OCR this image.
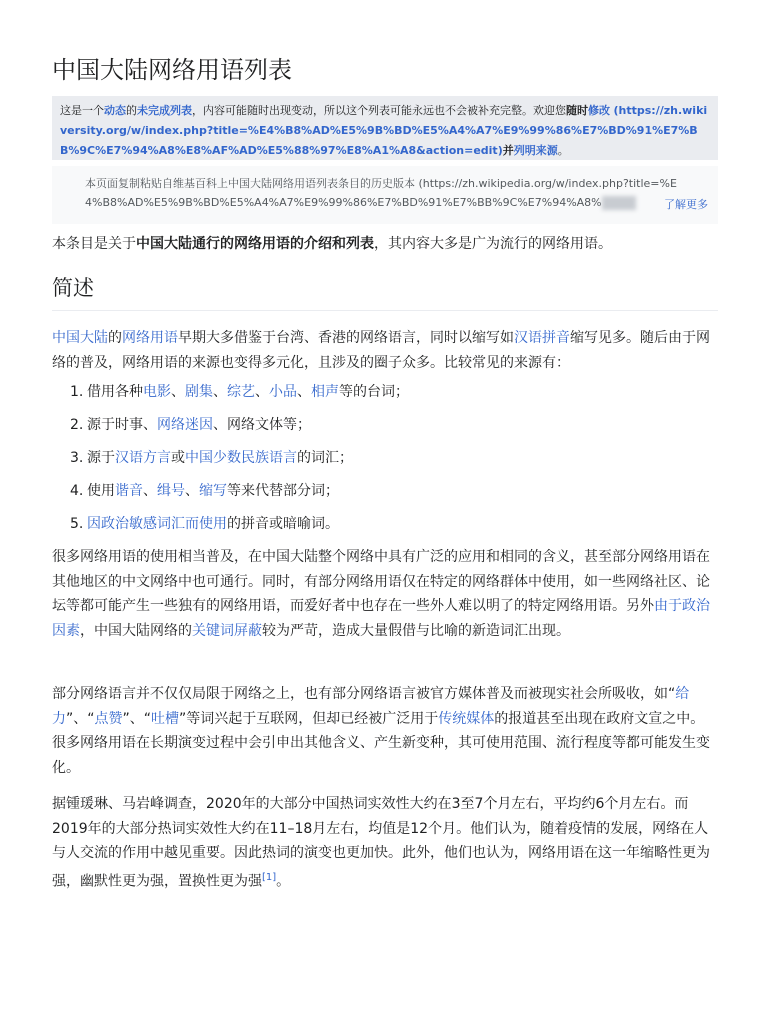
中国大陆网络用语列表
这是一个动态的未完成列表，内容可能随时出现变动，所以这个列表可能永远也不会被补充完整。欢迎您随时修改 (https://zh.wikiversity.org/w/index.php?title=%E4%B8%AD%E5%9B%BD%E5%A4%A7%E9%99%86%E7%BD%91%E7%BB%9C%E7%94%A8%E8%AF%AD%E5%88%97%E8%A1%A8&action=edit)并列明来源。
本页面复制粘贴自维基百科上中国大陆网络用语列表条目的历史版本 (https://zh.wikipedia.org/w/index.php?title=%E4%B8%AD%E5%9B%BD%E5%A4%A7%E9%99%86%E7%BD%91%E7%BB%9C%E7%94%A8%	了解更多
本条目是关于中国大陆通行的网络用语的介绍和列表，其内容大多是广为流行的网络用语。
简述
中国大陆的网络用语早期大多借鉴于台湾、香港的网络语言，同时以缩写如汉语拼音缩写见多。随后由于网络的普及，网络用语的来源也变得多元化，且涉及的圈子众多。比较常见的来源有：
1. 借用各种电影、剧集、综艺、小品、相声等的台词；
2. 源于时事、网络迷因、网络文体等；
3. 源于汉语方言或中国少数民族语言的词汇；
4. 使用谐音、缉号、缩写等来代替部分词；
5. 因政治敏感词汇而使用的拼音或暗喻词。
很多网络用语的使用相当普及，在中国大陆整个网络中具有广泛的应用和相同的含义，甚至部分网络用语在其他地区的中文网络中也可通行。同时，有部分网络用语仅在特定的网络群体中使用，如一些网络社区、论坛等都可能产生一些独有的网络用语，而爱好者中也存在一些外人难以明了的特定网络用语。另外由于政治因素，中国大陆网络的关键词屏蔽较为严苛，造成大量假借与比喻的新造词汇出现。
部分网络语言并不仅仅局限于网络之上，也有部分网络语言被官方媒体普及而被现实社会所吸收，如“给力”、“点赞”、“吐槽”等词兴起于互联网，但却已经被广泛用于传统媒体的报道甚至出现在政府文宣之中。很多网络用语在长期演变过程中会引申出其他含义、产生新变种，其可使用范围、流行程度等都可能发生变化。
据锺瑗琳、马岩峰调查，2020年的大部分中国热词实效性大约在3至7个月左右，平均约6个月左右。而2019年的大部分热词实效性大约在11–18月左右，均值是12个月。他们认为，随着疫情的发展，网络在人与人交流的作用中越见重要。因此热词的演变也更加快。此外，他们也认为，网络用语在这一年缩略性更为强，幽默性更为强，置换性更为强[1]。
